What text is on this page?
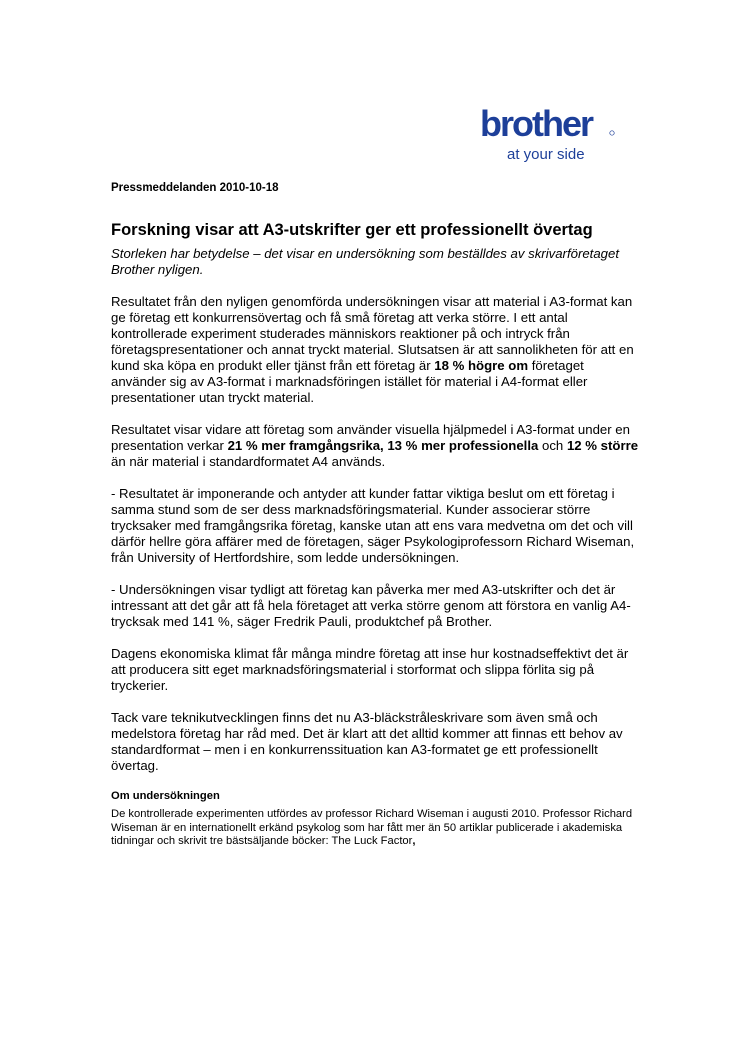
brother
at your side

Pressmeddelanden 2010-10-18

Forskning visar att A3-utskrifter ger ett professionellt övertag

Storleken har betydelse – det visar en undersökning som beställdes av skrivarföretaget Brother nyligen.

Resultatet från den nyligen genomförda undersökningen visar att material i A3-format kan ge företag ett konkurrensövertag och få små företag att verka större. I ett antal kontrollerade experiment studerades människors reaktioner på och intryck från företagspresentationer och annat tryckt material. Slutsatsen är att sannolikheten för att en kund ska köpa en produkt eller tjänst från ett företag är 18 % högre om företaget använder sig av A3-format i marknadsföringen istället för material i A4-format eller presentationer utan tryckt material.

Resultatet visar vidare att företag som använder visuella hjälpmedel i A3-format under en presentation verkar 21 % mer framgångsrika, 13 % mer professionella och 12 % större än när material i standardformatet A4 används.

- Resultatet är imponerande och antyder att kunder fattar viktiga beslut om ett företag i samma stund som de ser dess marknadsföringsmaterial. Kunder associerar större trycksaker med framgångsrika företag, kanske utan att ens vara medvetna om det och vill därför hellre göra affärer med de företagen, säger Psykologiprofessorn Richard Wiseman, från University of Hertfordshire, som ledde undersökningen.

- Undersökningen visar tydligt att företag kan påverka mer med A3-utskrifter och det är intressant att det går att få hela företaget att verka större genom att förstora en vanlig A4-trycksak med 141 %, säger Fredrik Pauli, produktchef på Brother.

Dagens ekonomiska klimat får många mindre företag att inse hur kostnadseffektivt det är att producera sitt eget marknadsföringsmaterial i storformat och slippa förlita sig på tryckerier.

Tack vare teknikutvecklingen finns det nu A3-bläckstråleskrivare som även små och medelstora företag har råd med. Det är klart att det alltid kommer att finnas ett behov av standardformat – men i en konkurrenssituation kan A3-formatet ge ett professionellt övertag.

Om undersökningen

De kontrollerade experimenten utfördes av professor Richard Wiseman i augusti 2010. Professor Richard Wiseman är en internationellt erkänd psykolog som har fått mer än 50 artiklar publicerade i akademiska tidningar och skrivit tre bästsäljande böcker: The Luck Factor,
